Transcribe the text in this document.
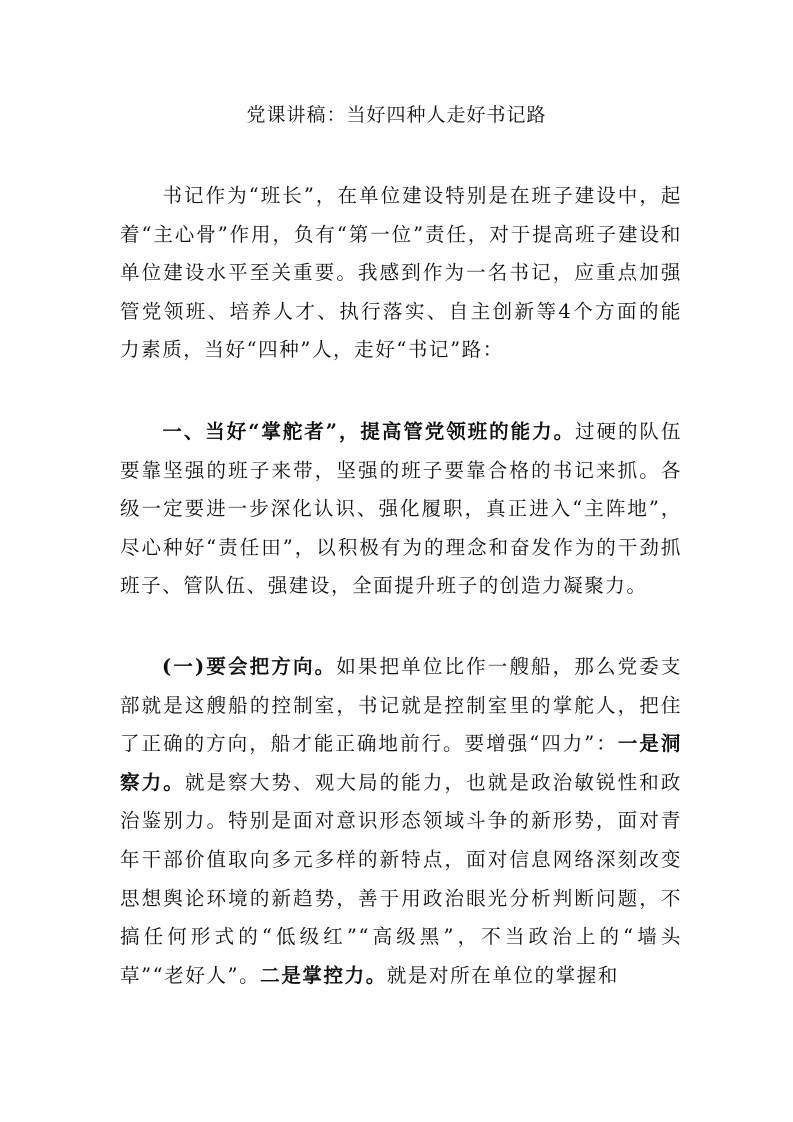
党课讲稿：当好四种人走好书记路

书记作为“班长”，在单位建设特别是在班子建设中，起着“主心骨”作用，负有“第一位”责任，对于提高班子建设和单位建设水平至关重要。我感到作为一名书记，应重点加强管党领班、培养人才、执行落实、自主创新等4个方面的能力素质，当好“四种”人，走好“书记”路：

一、当好“掌舵者”，提高管党领班的能力。过硬的队伍要靠坚强的班子来带，坚强的班子要靠合格的书记来抓。各级一定要进一步深化认识、强化履职，真正进入“主阵地”，尽心种好“责任田”，以积极有为的理念和奋发作为的干劲抓班子、管队伍、强建设，全面提升班子的创造力凝聚力。

(一)要会把方向。如果把单位比作一艘船，那么党委支部就是这艘船的控制室，书记就是控制室里的掌舵人，把住了正确的方向，船才能正确地前行。要增强“四力”：一是洞察力。就是察大势、观大局的能力，也就是政治敏锐性和政治鉴别力。特别是面对意识形态领域斗争的新形势，面对青年干部价值取向多元多样的新特点，面对信息网络深刻改变思想舆论环境的新趋势，善于用政治眼光分析判断问题，不搞任何形式的“低级红”“高级黑”，不当政治上的“墙头草”“老好人”。二是掌控力。就是对所在单位的掌握和
